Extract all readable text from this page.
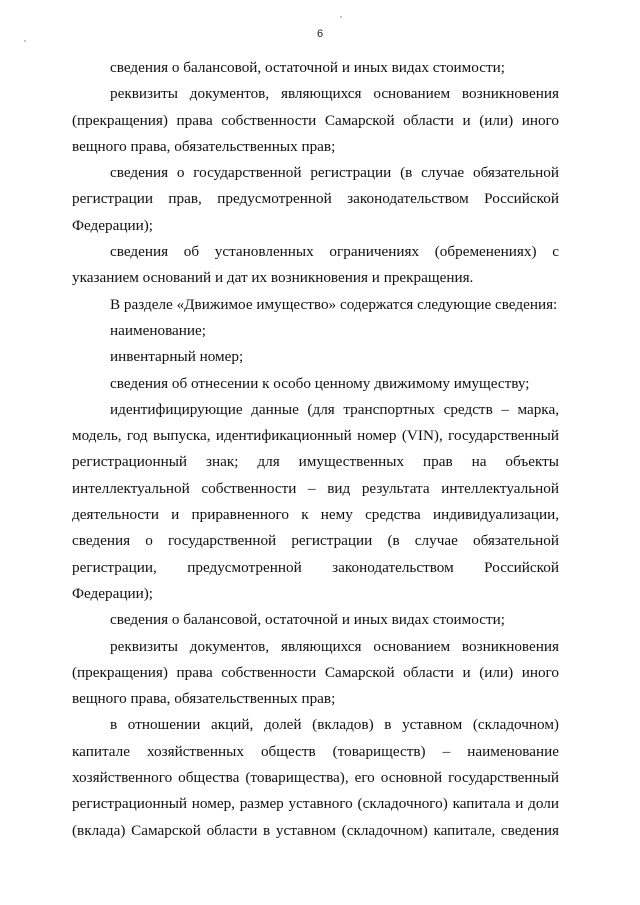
6

сведения о балансовой, остаточной и иных видах стоимости;

реквизиты документов, являющихся основанием возникновения (прекращения) права собственности Самарской области и (или) иного вещного права, обязательственных прав;

сведения о государственной регистрации (в случае обязательной регистрации прав, предусмотренной законодательством Российской Федерации);

сведения об установленных ограничениях (обременениях) с указанием оснований и дат их возникновения и прекращения.

В разделе «Движимое имущество» содержатся следующие сведения:

наименование;

инвентарный номер;

сведения об отнесении к особо ценному движимому имуществу;

идентифицирующие данные (для транспортных средств – марка, модель, год выпуска, идентификационный номер (VIN), государственный регистрационный знак; для имущественных прав на объекты интеллектуальной собственности – вид результата интеллектуальной деятельности и приравненного к нему средства индивидуализации, сведения о государственной регистрации (в случае обязательной регистрации, предусмотренной законодательством Российской Федерации);

сведения о балансовой, остаточной и иных видах стоимости;

реквизиты документов, являющихся основанием возникновения (прекращения) права собственности Самарской области и (или) иного вещного права, обязательственных прав;

в отношении акций, долей (вкладов) в уставном (складочном) капитале хозяйственных обществ (товариществ) – наименование хозяйственного общества (товарищества), его основной государственный регистрационный номер, размер уставного (складочного) капитала и доли (вклада) Самарской области в уставном (складочном) капитале, сведения
